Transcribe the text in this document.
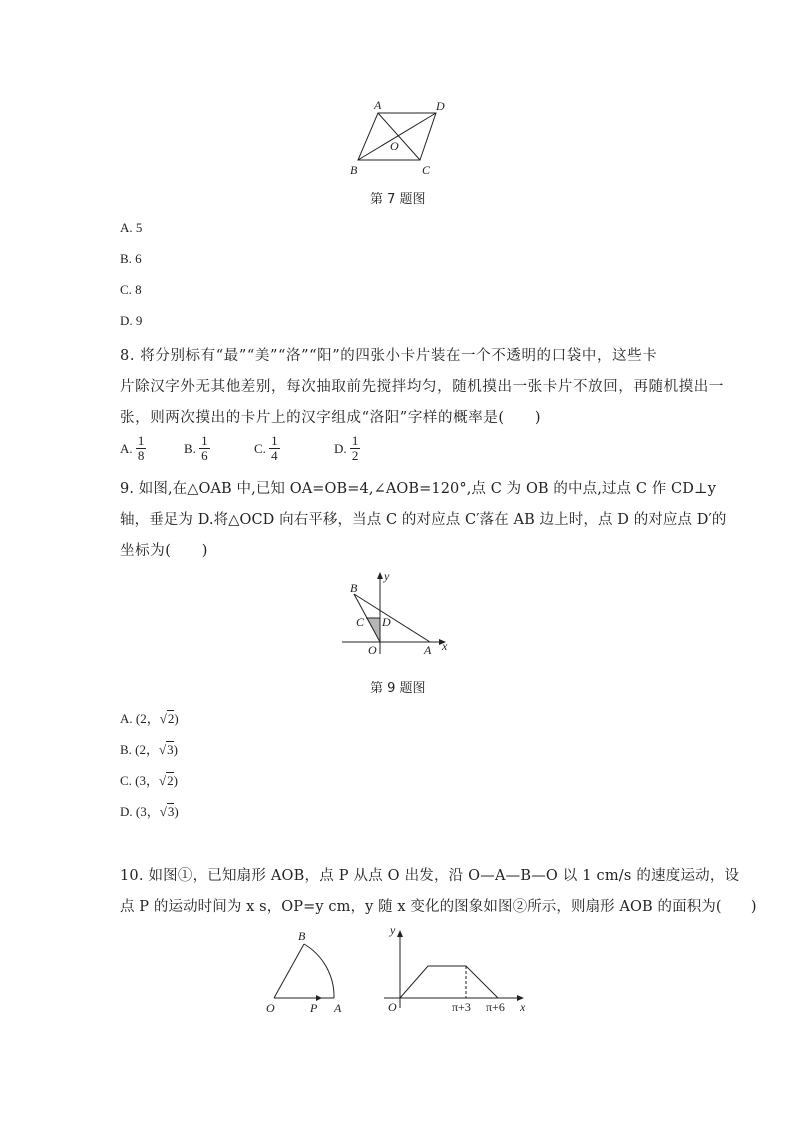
A	D
B	C
O
第 7 题图
A. 5
B. 6
C. 8
D. 9
8. 将分别标有“最”“美”“洛”“阳”的四张小卡片装在一个不透明的口袋中，这些卡
片除汉字外无其他差别，每次抽取前先搅拌均匀，随机摸出一张卡片不放回，再随机摸出一
张，则两次摸出的卡片上的汉字组成“洛阳”字样的概率是(　　)
A.
$\frac{1}{8}$	B.
$\frac{1}{6}$	C.
$\frac{1}{4}$	D.
$\frac{1}{2}$
9. 如图,在△OAB 中,已知 OA=OB=4,∠AOB=120°,点 C 为 OB 的中点,过点 C 作 CD⊥y
轴，垂足为 D.将△OCD 向右平移，当点 C 的对应点 C′落在 AB 边上时，点 D 的对应点 D′的
坐标为(　　)
B
y
C D
O	A x
第 9 题图
A. (2，√2)
B. (2，√3)
C. (3，√2)
D. (3，√3)
10. 如图①，已知扇形 AOB，点 P 从点 O 出发，沿 O—A—B—O 以 1 cm/s 的速度运动，设
点 P 的运动时间为 x s，OP=y cm，y 随 x 变化的图象如图②所示，则扇形 AOB 的面积为(　　)
B
O	P A
y
O	π+3 π+6 x
